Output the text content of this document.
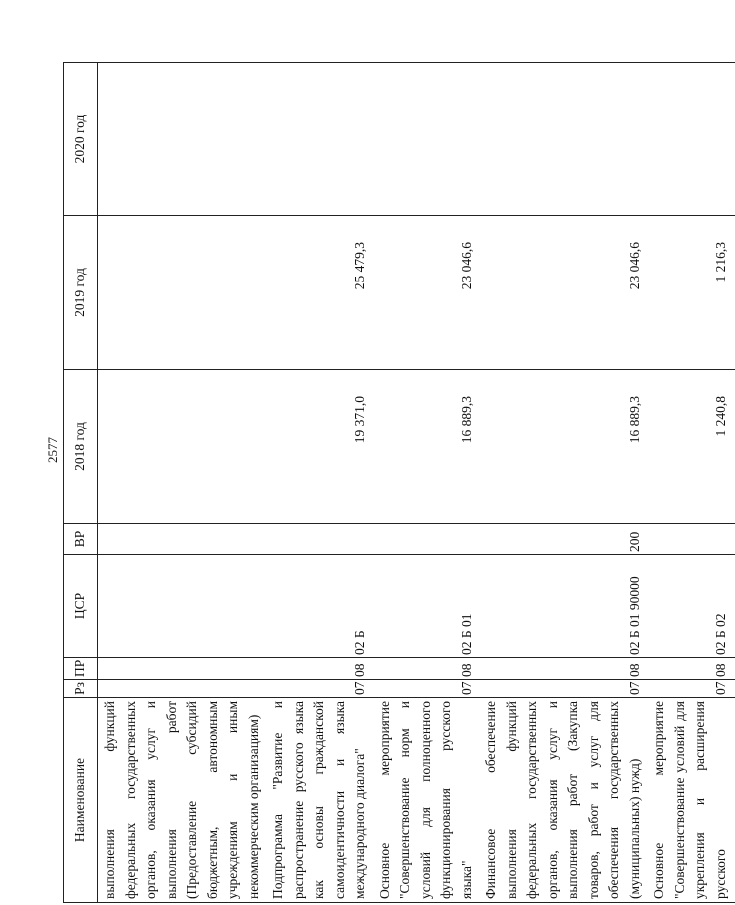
2577
Наименование	Рз	ПР	ЦСР	ВР	2018 год	2019 год	2020 год
выполнения функций федеральных государственных органов, оказания услуг и выполнения работ (Предоставление субсидий бюджетным, автономным учреждениям и иным некоммерческим организациям)							
Подпрограмма "Развитие и распространение русского языка как основы гражданской самоидентичности и языка международного диалога"	07	08	02 Б		19 371,0	25 479,3	
Основное мероприятие "Совершенствование норм и условий для полноценного функционирования русского языка"	07	08	02 Б 01		16 889,3	23 046,6	
Финансовое обеспечение выполнения функций федеральных государственных органов, оказания услуг и выполнения работ (Закупка товаров, работ и услуг для обеспечения государственных (муниципальных) нужд)	07	08	02 Б 01 90000	200	16 889,3	23 046,6	
Основное мероприятие "Совершенствование условий для укрепления и расширения русского	07	08	02 Б 02		1 240,8	1 216,3	
